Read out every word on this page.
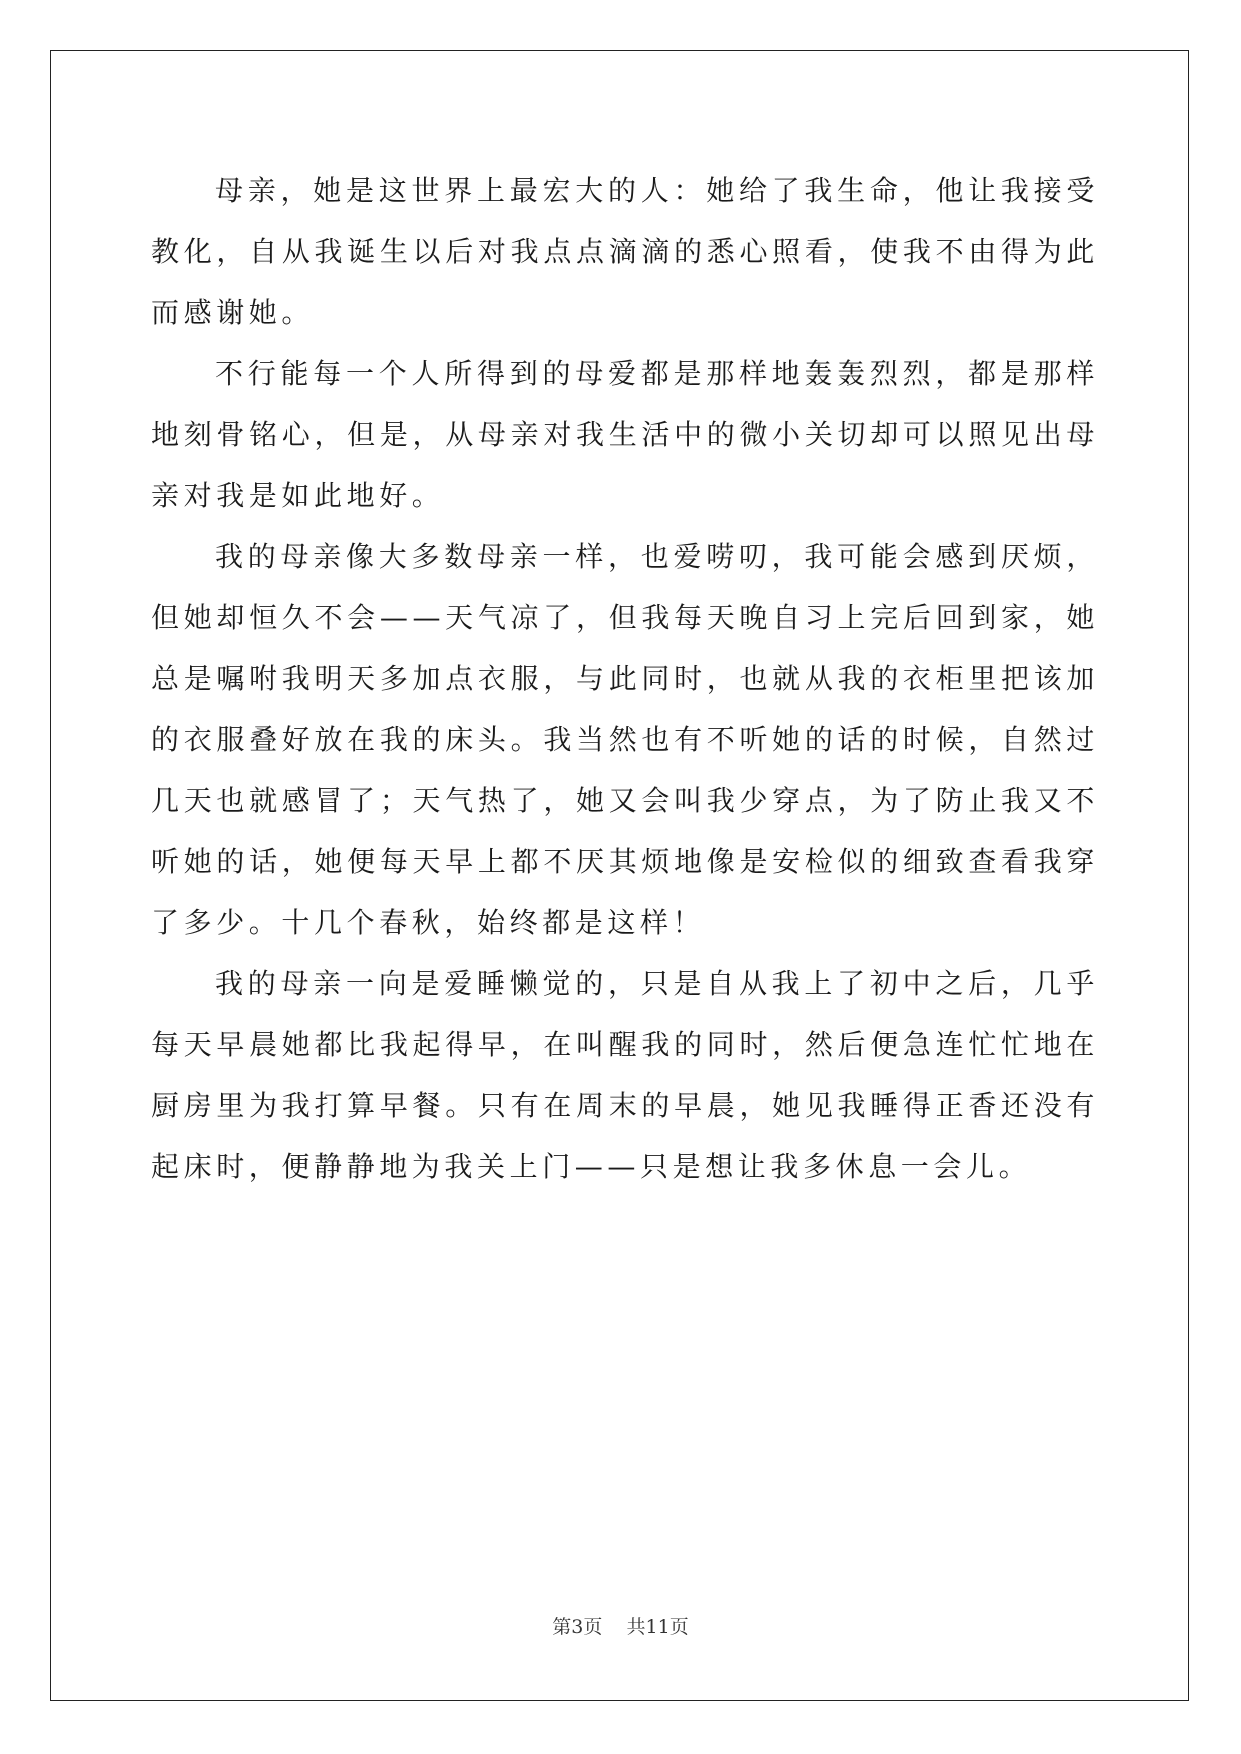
母亲，她是这世界上最宏大的人：她给了我生命，他让我接受教化，自从我诞生以后对我点点滴滴的悉心照看，使我不由得为此而感谢她。

不行能每一个人所得到的母爱都是那样地轰轰烈烈，都是那样地刻骨铭心，但是，从母亲对我生活中的微小关切却可以照见出母亲对我是如此地好。

我的母亲像大多数母亲一样，也爱唠叨，我可能会感到厌烦，但她却恒久不会——天气凉了，但我每天晚自习上完后回到家，她总是嘱咐我明天多加点衣服，与此同时，也就从我的衣柜里把该加的衣服叠好放在我的床头。我当然也有不听她的话的时候，自然过几天也就感冒了；天气热了，她又会叫我少穿点，为了防止我又不听她的话，她便每天早上都不厌其烦地像是安检似的细致查看我穿了多少。十几个春秋，始终都是这样！

我的母亲一向是爱睡懒觉的，只是自从我上了初中之后，几乎每天早晨她都比我起得早，在叫醒我的同时，然后便急连忙忙地在厨房里为我打算早餐。只有在周末的早晨，她见我睡得正香还没有起床时，便静静地为我关上门——只是想让我多休息一会儿。

第3页 共11页
